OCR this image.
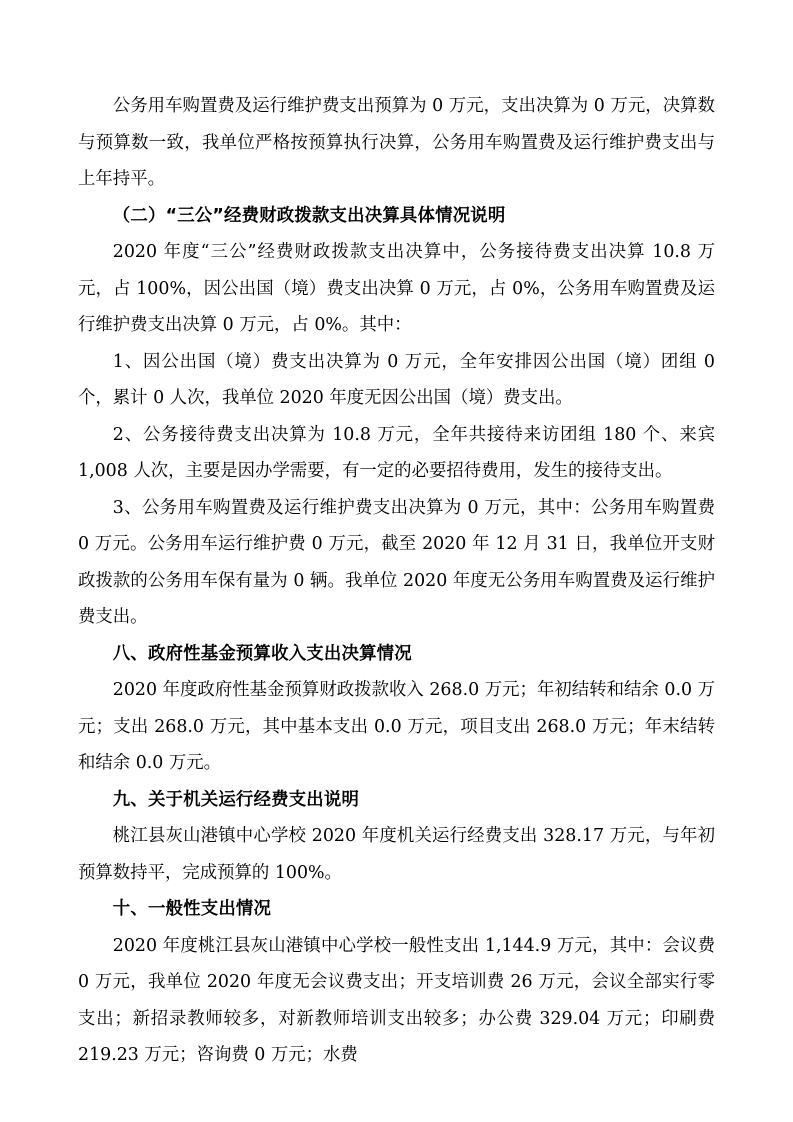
公务用车购置费及运行维护费支出预算为 0 万元，支出决算为 0 万元，决算数与预算数一致，我单位严格按预算执行决算，公务用车购置费及运行维护费支出与上年持平。

（二）“三公”经费财政拨款支出决算具体情况说明

2020 年度“三公”经费财政拨款支出决算中，公务接待费支出决算 10.8 万元，占 100%，因公出国（境）费支出决算 0 万元，占 0%，公务用车购置费及运行维护费支出决算 0 万元，占 0%。其中：

1、因公出国（境）费支出决算为 0 万元，全年安排因公出国（境）团组 0 个，累计 0 人次，我单位 2020 年度无因公出国（境）费支出。

2、公务接待费支出决算为 10.8 万元，全年共接待来访团组 180 个、来宾 1,008 人次，主要是因办学需要，有一定的必要招待费用，发生的接待支出。

3、公务用车购置费及运行维护费支出决算为 0 万元，其中：公务用车购置费 0 万元。公务用车运行维护费 0 万元，截至 2020 年 12 月 31 日，我单位开支财政拨款的公务用车保有量为 0 辆。我单位 2020 年度无公务用车购置费及运行维护费支出。

八、政府性基金预算收入支出决算情况

2020 年度政府性基金预算财政拨款收入 268.0 万元；年初结转和结余 0.0 万元；支出 268.0 万元，其中基本支出 0.0 万元，项目支出 268.0 万元；年末结转和结余 0.0 万元。

九、关于机关运行经费支出说明

桃江县灰山港镇中心学校 2020 年度机关运行经费支出 328.17 万元，与年初预算数持平，完成预算的 100%。

十、一般性支出情况

2020 年度桃江县灰山港镇中心学校一般性支出 1,144.9 万元，其中：会议费 0 万元，我单位 2020 年度无会议费支出；开支培训费 26 万元，会议全部实行零支出；新招录教师较多，对新教师培训支出较多；办公费 329.04 万元；印刷费 219.23 万元；咨询费 0 万元；水费
